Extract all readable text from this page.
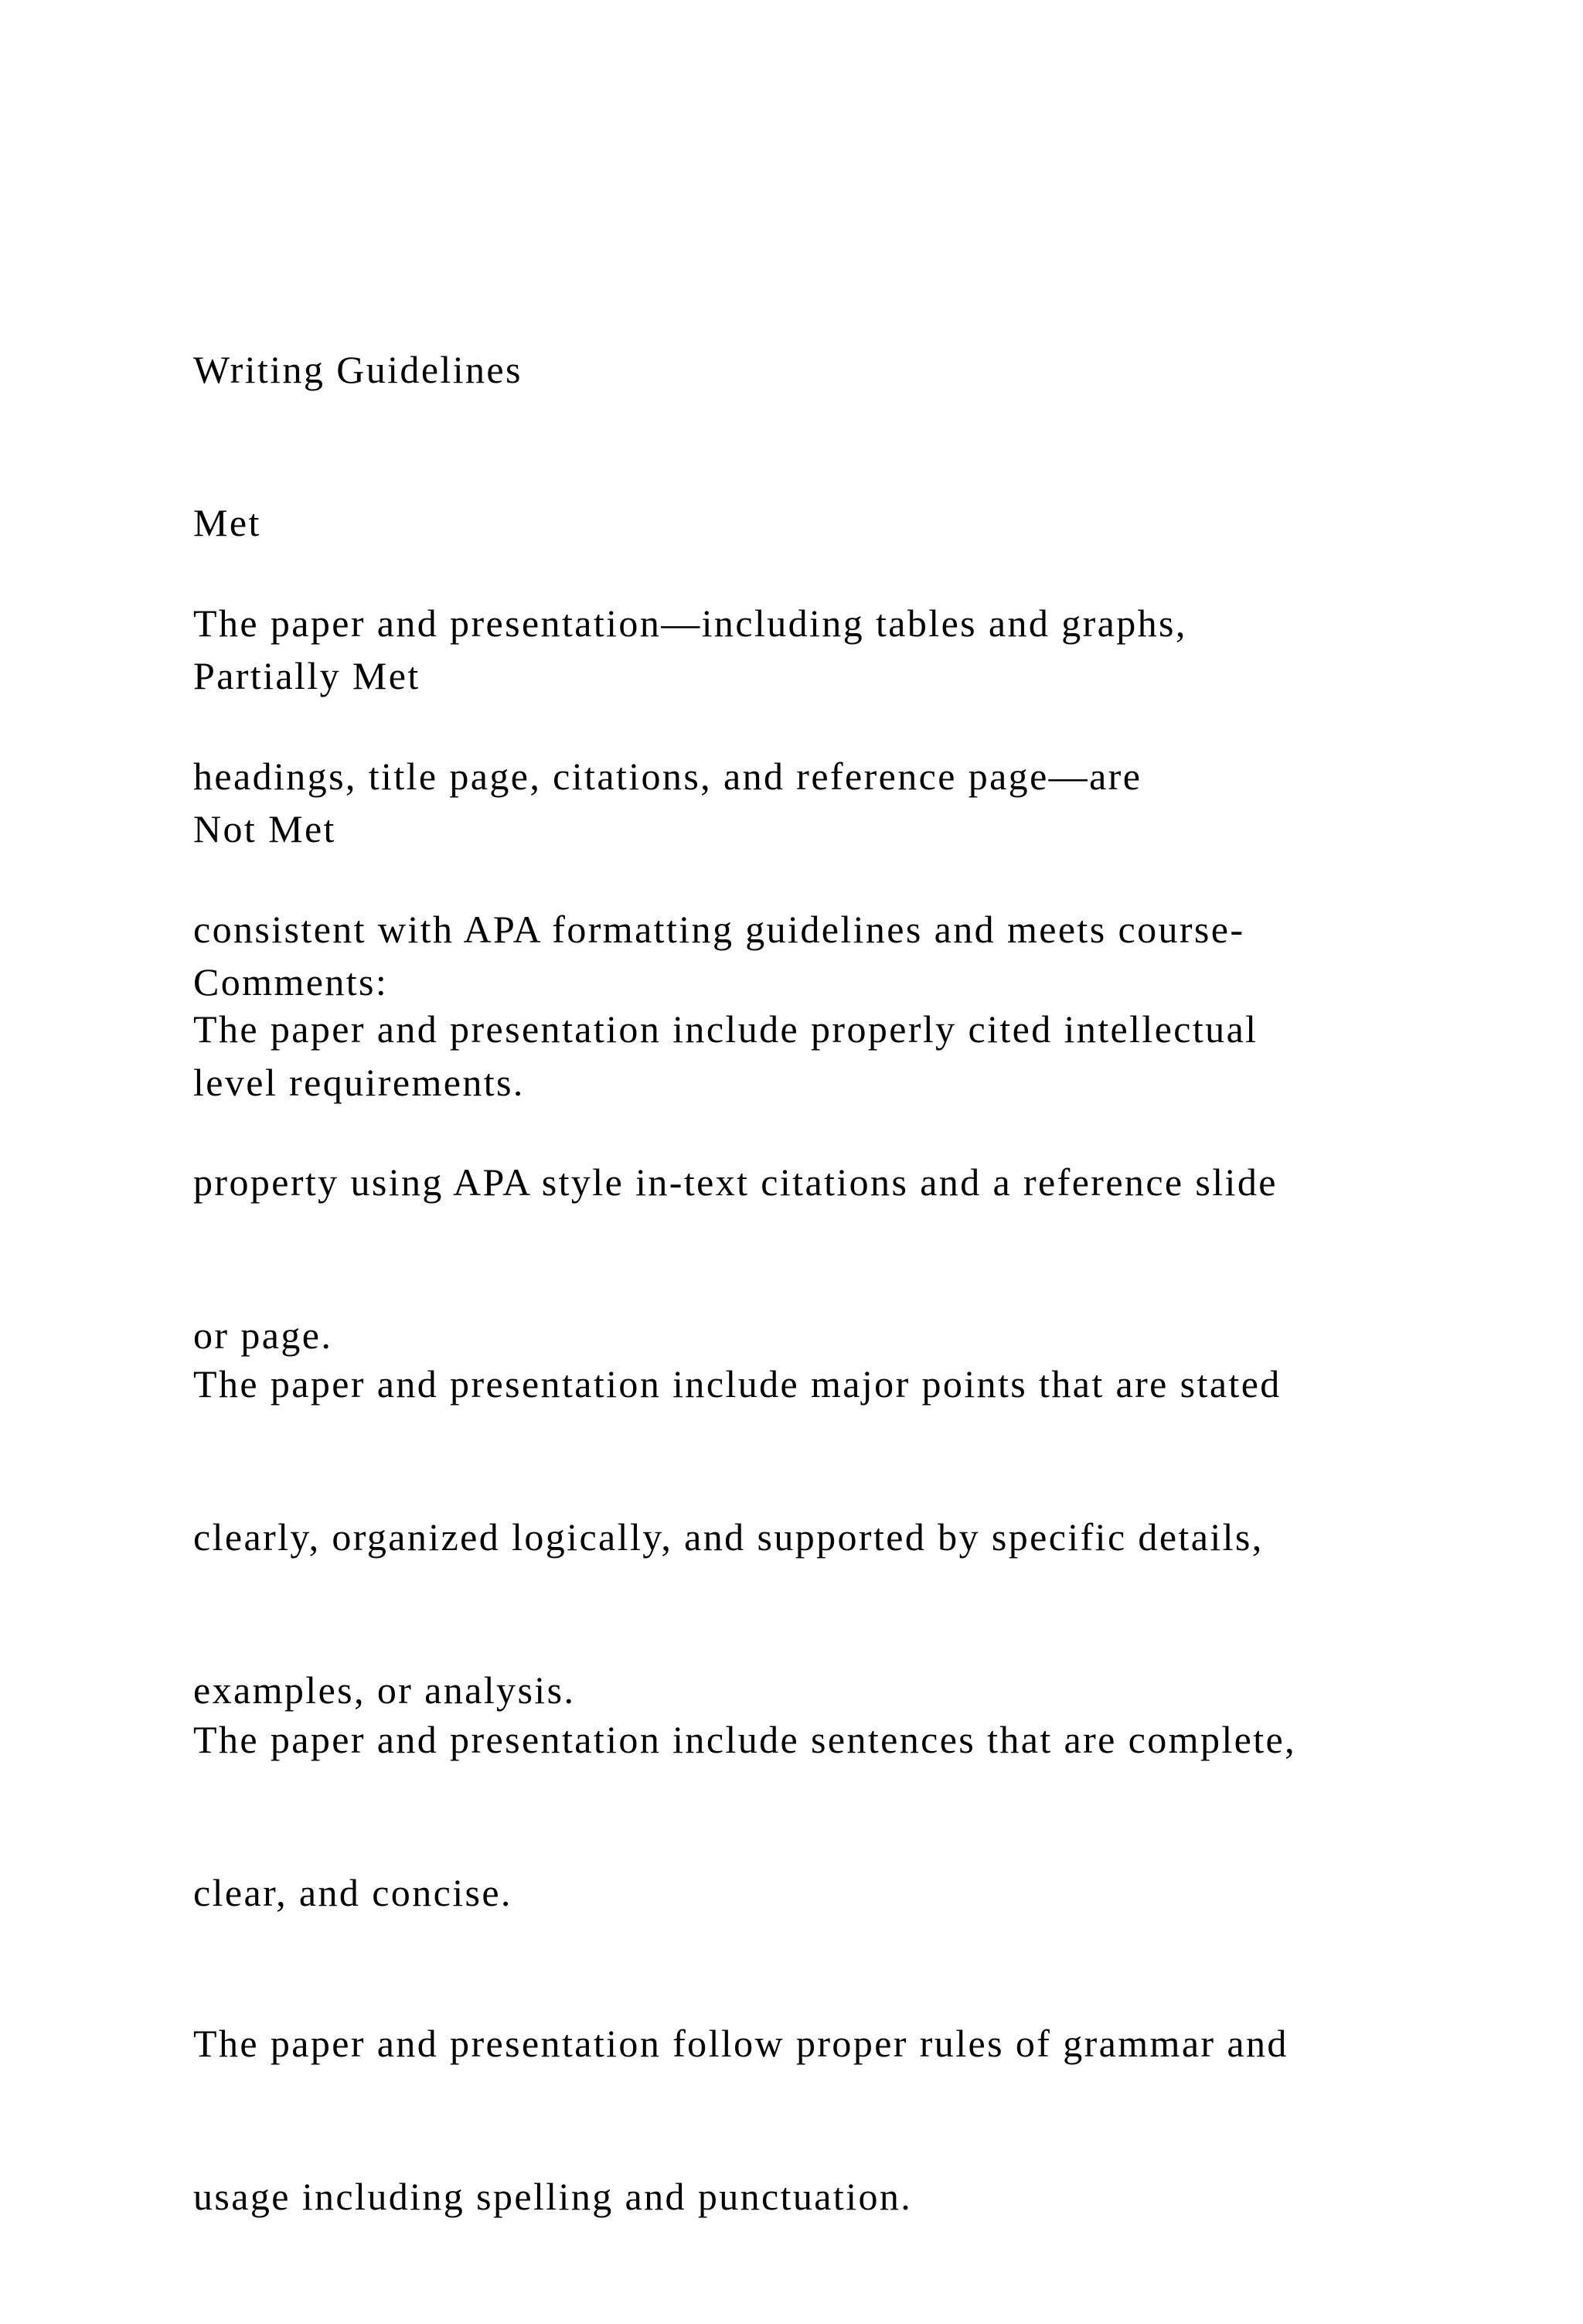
Writing Guidelines

Met

Partially Met

Not Met

Comments:

The paper and presentation—including tables and graphs,

headings, title page, citations, and reference page—are

consistent with APA formatting guidelines and meets course-

level requirements.

The paper and presentation include properly cited intellectual

property using APA style in-text citations and a reference slide

or page.

The paper and presentation include major points that are stated

clearly, organized logically, and supported by specific details,

examples, or analysis.

The paper and presentation include sentences that are complete,

clear, and concise.

The paper and presentation follow proper rules of grammar and

usage including spelling and punctuation.
